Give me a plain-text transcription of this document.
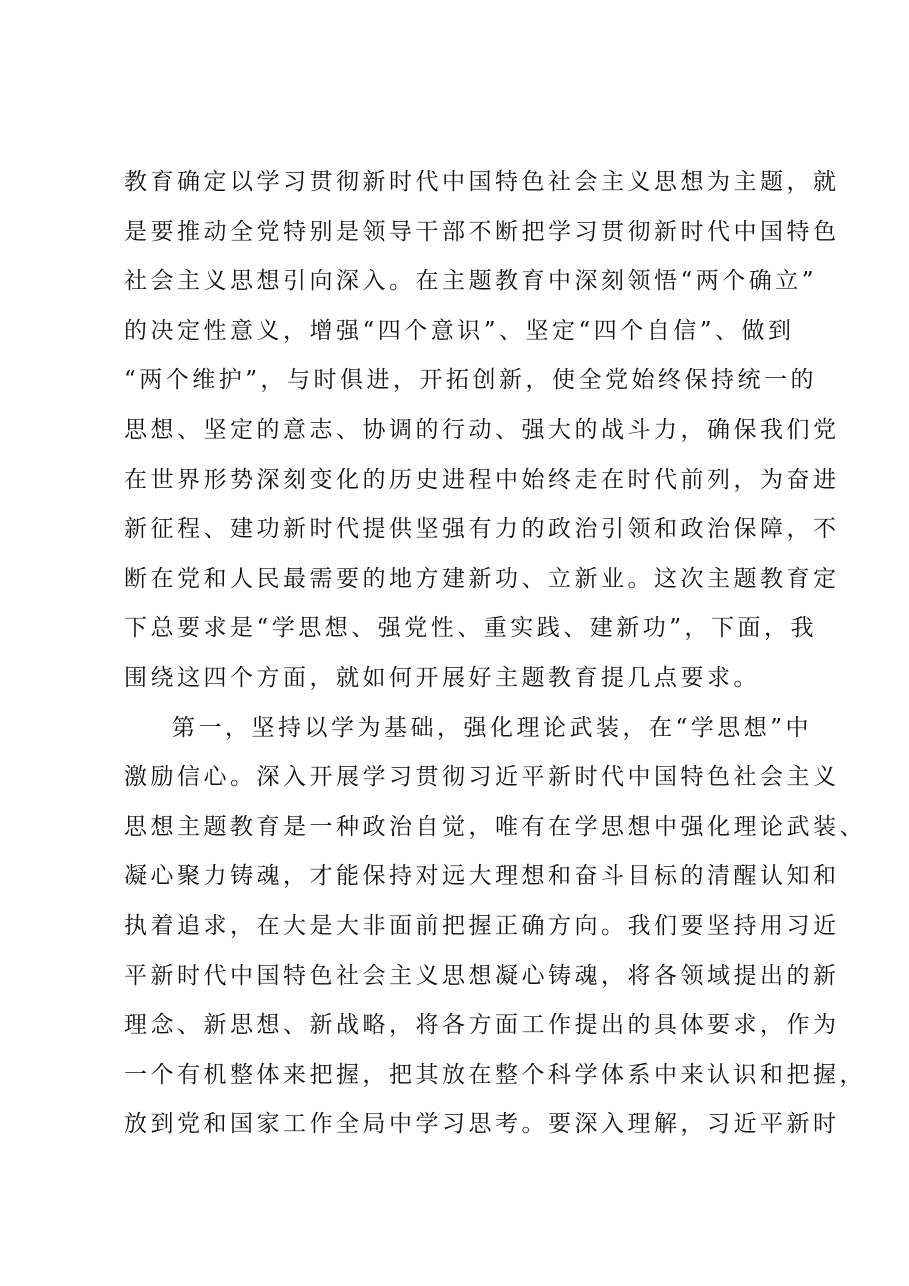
教育确定以学习贯彻新时代中国特色社会主义思想为主题，就
是要推动全党特别是领导干部不断把学习贯彻新时代中国特色
社会主义思想引向深入。在主题教育中深刻领悟“两个确立”
的决定性意义，增强“四个意识”、坚定“四个自信”、做到
“两个维护”，与时俱进，开拓创新，使全党始终保持统一的
思想、坚定的意志、协调的行动、强大的战斗力，确保我们党
在世界形势深刻变化的历史进程中始终走在时代前列，为奋进
新征程、建功新时代提供坚强有力的政治引领和政治保障，不
断在党和人民最需要的地方建新功、立新业。这次主题教育定
下总要求是“学思想、强党性、重实践、建新功”，下面，我
围绕这四个方面，就如何开展好主题教育提几点要求。
第一，坚持以学为基础，强化理论武装，在“学思想”中
激励信心。深入开展学习贯彻习近平新时代中国特色社会主义
思想主题教育是一种政治自觉，唯有在学思想中强化理论武装、
凝心聚力铸魂，才能保持对远大理想和奋斗目标的清醒认知和
执着追求，在大是大非面前把握正确方向。我们要坚持用习近
平新时代中国特色社会主义思想凝心铸魂，将各领域提出的新
理念、新思想、新战略，将各方面工作提出的具体要求，作为
一个有机整体来把握，把其放在整个科学体系中来认识和把握，
放到党和国家工作全局中学习思考。要深入理解，习近平新时
